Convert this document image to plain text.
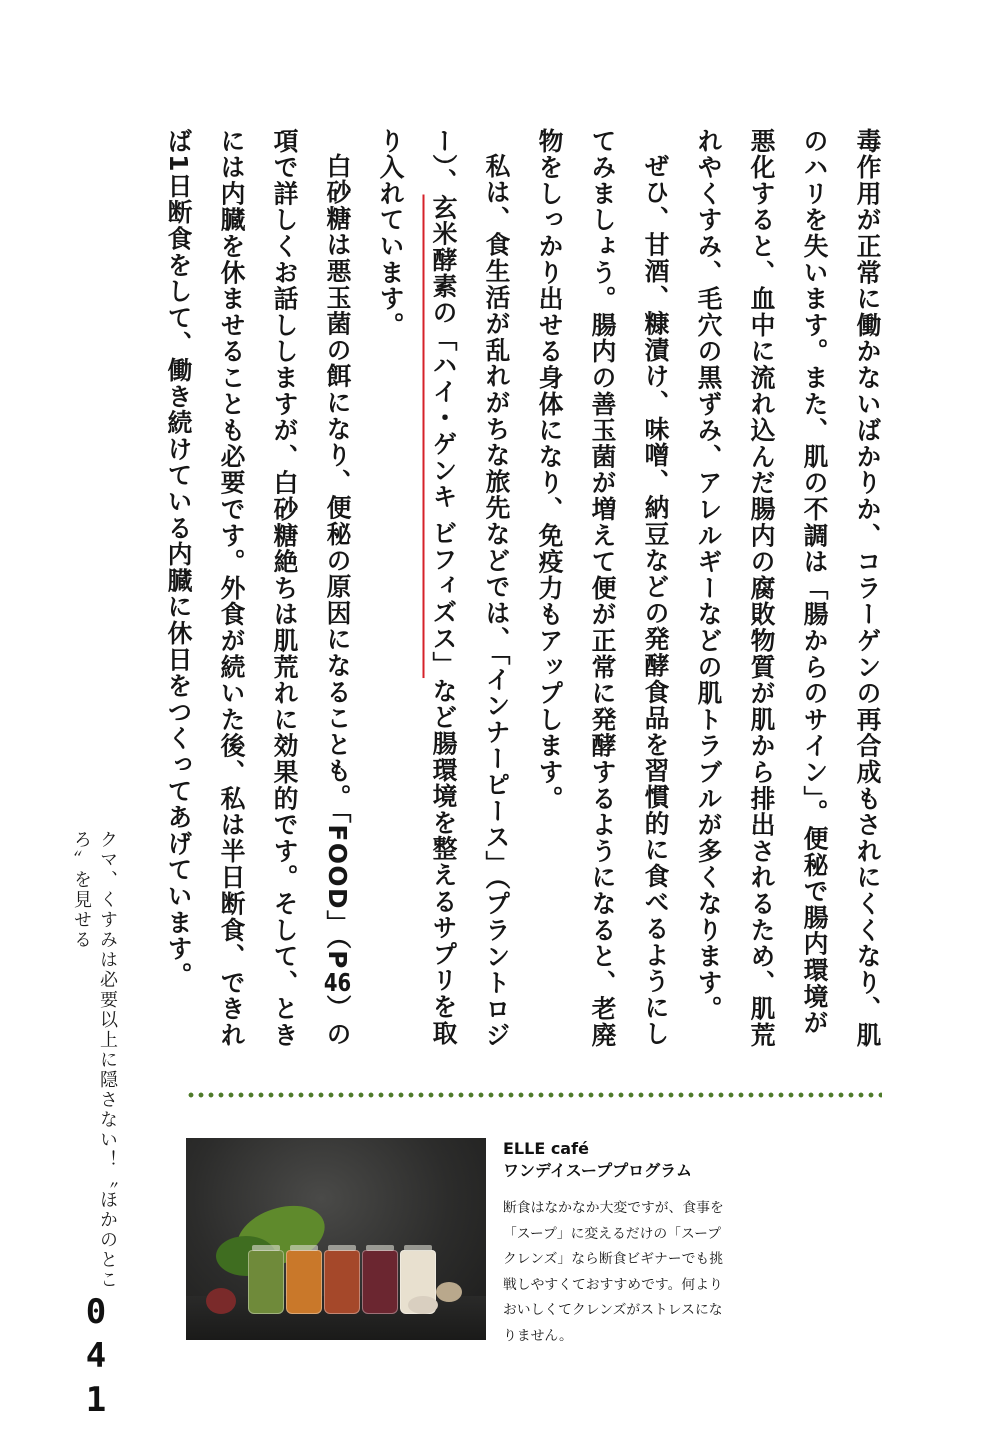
毒作用が正常に働かないばかりか、コラーゲンの再合成もされにくくなり、肌のハリを失います。また、肌の不調は「腸からのサイン」。便秘で腸内環境が悪化すると、血中に流れ込んだ腸内の腐敗物質が肌から排出されるため、肌荒れやくすみ、毛穴の黒ずみ、アレルギーなどの肌トラブルが多くなります。

ぜひ、甘酒、糠漬け、味噌、納豆などの発酵食品を習慣的に食べるようにしてみましょう。腸内の善玉菌が増えて便が正常に発酵するようになると、老廃物をしっかり出せる身体になり、免疫力もアップします。

私は、食生活が乱れがちな旅先などでは、「インナーピース」（プラントロジー）、玄米酵素の「ハイ・ゲンキ ビフィズス」など腸環境を整えるサプリを取り入れています。

白砂糖は悪玉菌の餌になり、便秘の原因になることも。「FOOD」（P46）の項で詳しくお話ししますが、白砂糖絶ちは肌荒れに効果的です。そして、ときには内臓を休ませることも必要です。外食が続いた後、私は半日断食、できれば1日断食をして、働き続けている内臓に休日をつくってあげています。

クマ、くすみは必要以上に隠さない！〝ほかのところ〟を見せる
041
ELLE café
ワンデイスーププログラム
断食はなかなか大変ですが、食事を
「スープ」に変えるだけの「スープ
クレンズ」なら断食ビギナーでも挑
戦しやすくておすすめです。何より
おいしくてクレンズがストレスにな
りません。
